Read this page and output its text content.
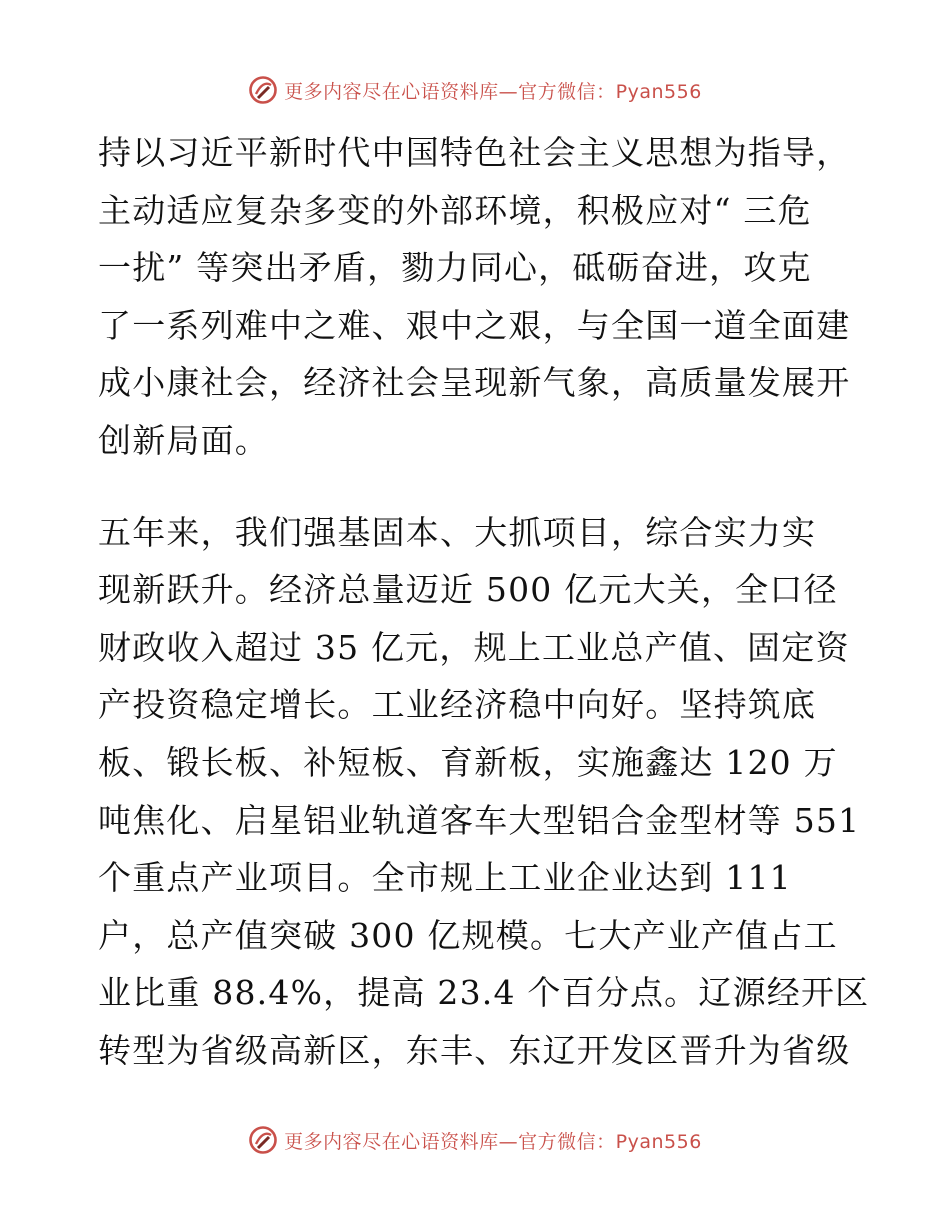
更多内容尽在心语资料库—官方微信：Pyan556
持以习近平新时代中国特色社会主义思想为指导，
主动适应复杂多变的外部环境，积极应对“ 三危
一扰” 等突出矛盾，勠力同心，砥砺奋进，攻克
了一系列难中之难、艰中之艰，与全国一道全面建
成小康社会，经济社会呈现新气象，高质量发展开
创新局面。
五年来，我们强基固本、大抓项目，综合实力实
现新跃升。经济总量迈近 500 亿元大关，全口径
财政收入超过 35 亿元，规上工业总产值、固定资
产投资稳定增长。工业经济稳中向好。坚持筑底
板、锻长板、补短板、育新板，实施鑫达 120 万
吨焦化、启星铝业轨道客车大型铝合金型材等 551
个重点产业项目。全市规上工业企业达到 111
户，总产值突破 300 亿规模。七大产业产值占工
业比重 88.4%，提高 23.4 个百分点。辽源经开区
转型为省级高新区，东丰、东辽开发区晋升为省级
更多内容尽在心语资料库—官方微信：Pyan556
